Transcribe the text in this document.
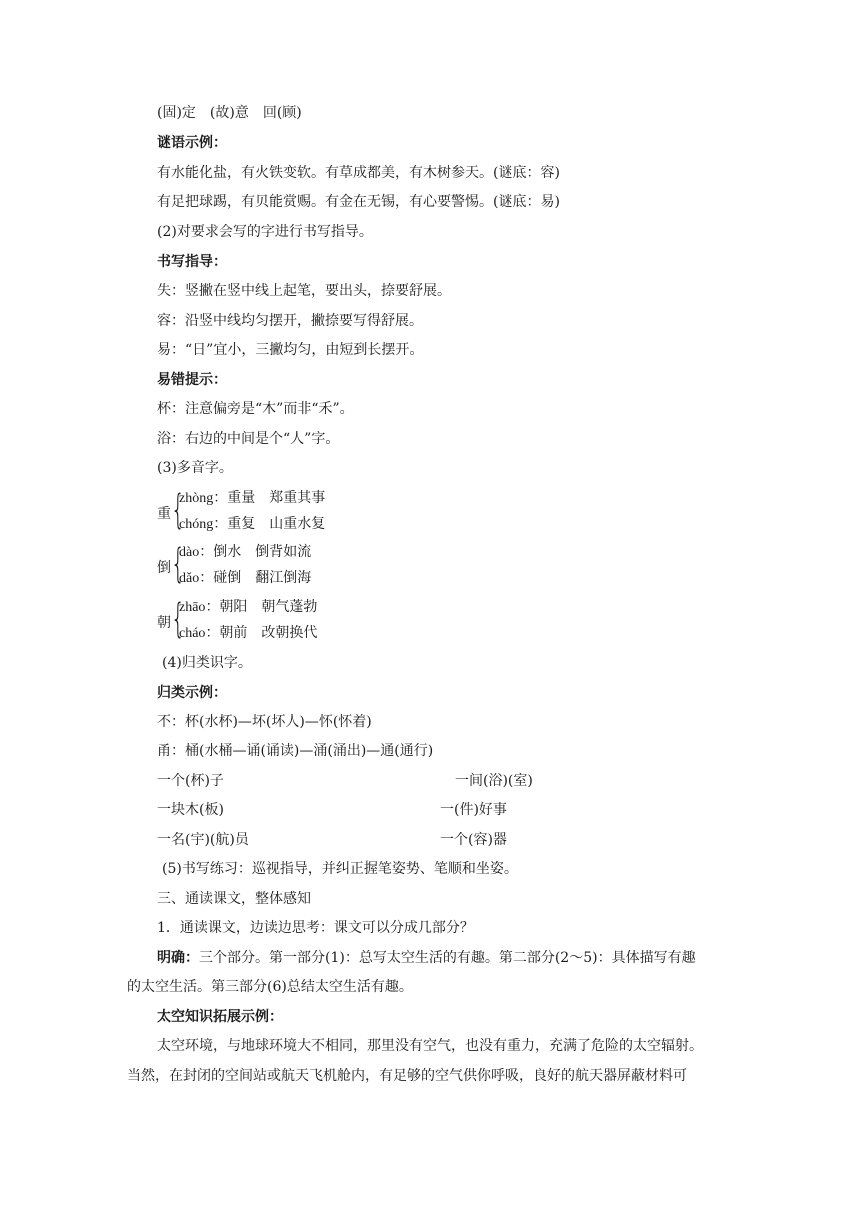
(固)定　(故)意　回(顾)
谜语示例：
有水能化盐，有火铁变软。有草成都美，有木树参天。(谜底：容)
有足把球踢，有贝能赏赐。有金在无锡，有心要警惕。(谜底：易)
(2)对要求会写的字进行书写指导。
书写指导：
失：竖撇在竖中线上起笔，要出头，捺要舒展。
容：沿竖中线均匀摆开，撇捺要写得舒展。
易：“日”宜小，三撇均匀，由短到长摆开。
易错提示：
杯：注意偏旁是“木”而非“禾”。
浴：右边的中间是个“人”字。
(3)多音字。
重 {
zhòng：重量　郑重其事
chóng：重复　山重水复
倒 {
dào：倒水　倒背如流
dǎo：碰倒　翻江倒海
朝 {
zhāo：朝阳　朝气蓬勃
cháo：朝前　改朝换代
(4)归类识字。
归类示例：
不：杯(水杯)—坏(坏人)—怀(怀着)
甬：桶(水桶—诵(诵读)—涌(涌出)—通(通行)
一个(杯)子	一间(浴)(室)
一块木(板)	一(件)好事
一名(宇)(航)员	一个(容)器
(5)书写练习：巡视指导，并纠正握笔姿势、笔顺和坐姿。
三、通读课文，整体感知
1．通读课文，边读边思考：课文可以分成几部分？
明确：三个部分。第一部分(1)：总写太空生活的有趣。第二部分(2～5)：具体描写有趣
的太空生活。第三部分(6)总结太空生活有趣。
太空知识拓展示例：
太空环境，与地球环境大不相同，那里没有空气，也没有重力，充满了危险的太空辐射。
当然，在封闭的空间站或航天飞机舱内，有足够的空气供你呼吸，良好的航天器屏蔽材料可
